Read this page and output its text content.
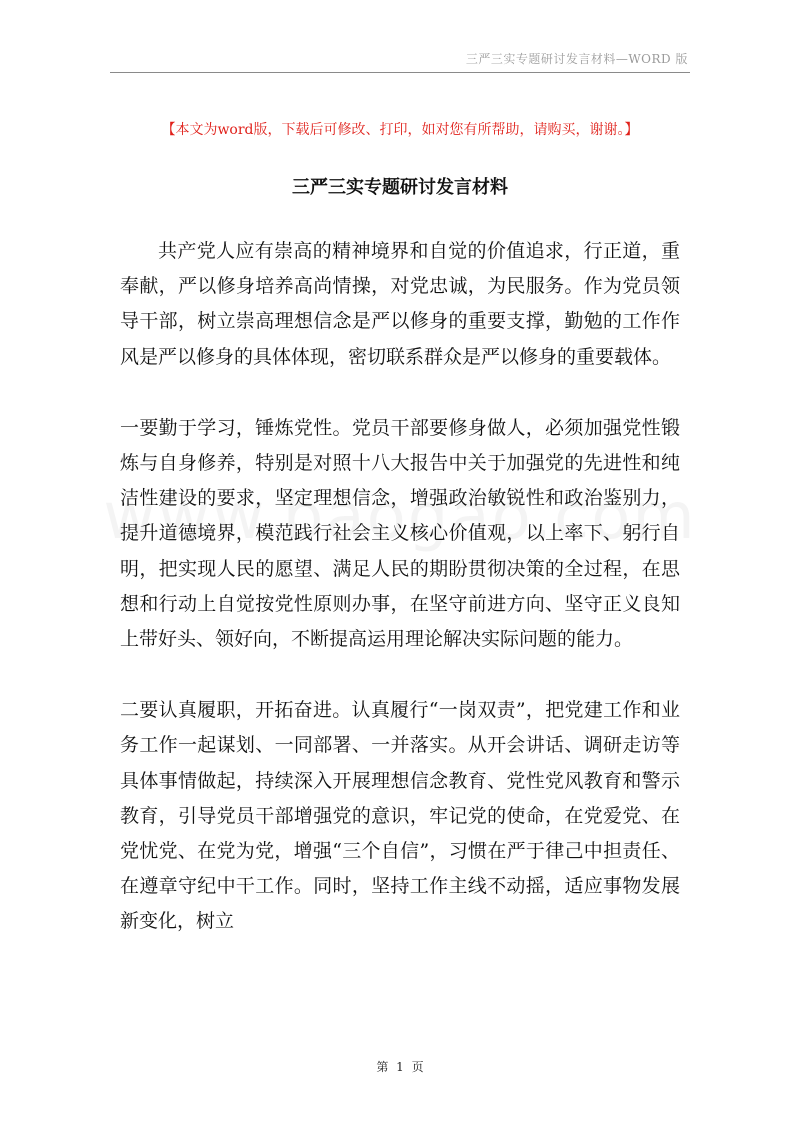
三严三实专题研讨发言材料—WORD 版
【本文为word版，下载后可修改、打印，如对您有所帮助，请购买，谢谢。】
三严三实专题研讨发言材料

共产党人应有崇高的精神境界和自觉的价值追求，行正道，重奉献，严以修身培养高尚情操，对党忠诚，为民服务。作为党员领导干部，树立崇高理想信念是严以修身的重要支撑，勤勉的工作作风是严以修身的具体体现，密切联系群众是严以修身的重要载体。

一要勤于学习，锤炼党性。党员干部要修身做人，必须加强党性锻炼与自身修养，特别是对照十八大报告中关于加强党的先进性和纯洁性建设的要求，坚定理想信念，增强政治敏锐性和政治鉴别力，提升道德境界，模范践行社会主义核心价值观，以上率下、躬行自明，把实现人民的愿望、满足人民的期盼贯彻决策的全过程，在思想和行动上自觉按党性原则办事，在坚守前进方向、坚守正义良知上带好头、领好向，不断提高运用理论解决实际问题的能力。

二要认真履职，开拓奋进。认真履行“一岗双责”，把党建工作和业务工作一起谋划、一同部署、一并落实。从开会讲话、调研走访等具体事情做起，持续深入开展理想信念教育、党性党风教育和警示教育，引导党员干部增强党的意识，牢记党的使命，在党爱党、在党忧党、在党为党，增强“三个自信”，习惯在严于律己中担责任、在遵章守纪中干工作。同时，坚持工作主线不动摇，适应事物发展新变化，树立

第 1 页
